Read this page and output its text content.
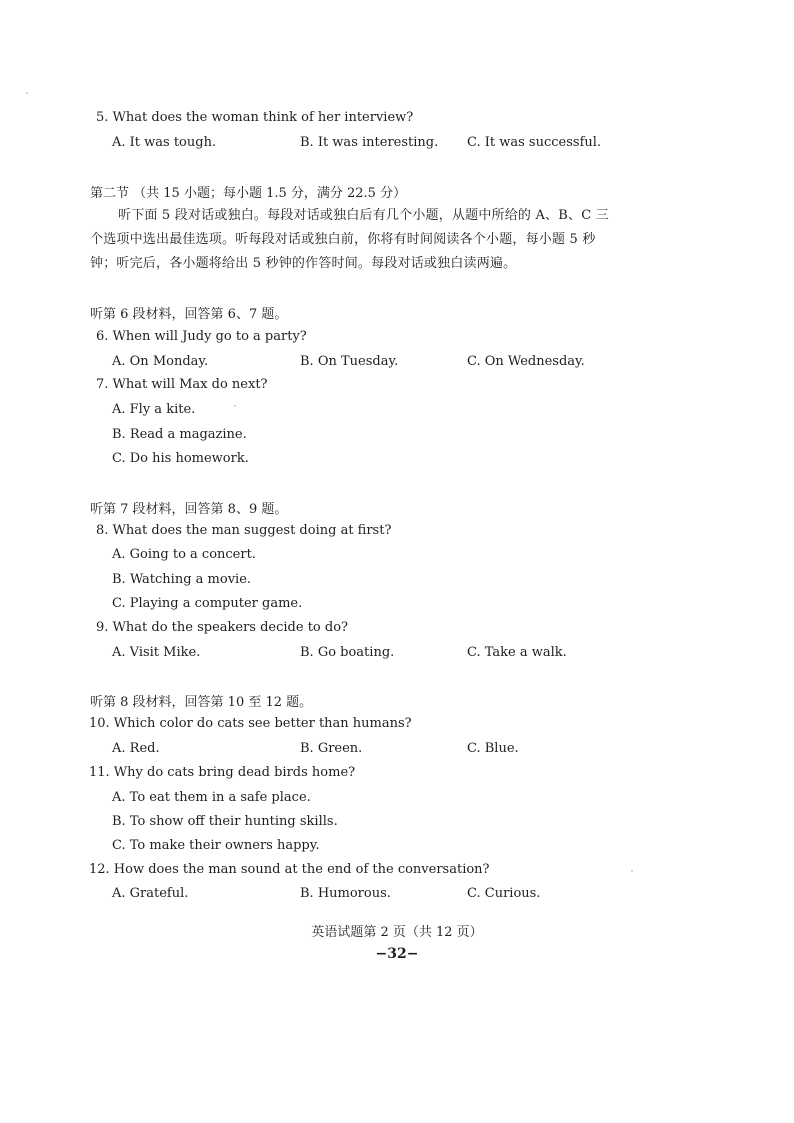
5. What does the woman think of her interview?
A. It was tough.	B. It was interesting. C. It was successful.
第二节 （共 15 小题；每小题 1.5 分，满分 22.5 分）
听下面 5 段对话或独白。每段对话或独白后有几个小题，从题中所给的 A、B、C 三个选项中选出最佳选项。听每段对话或独白前，你将有时间阅读各个小题，每小题 5 秒钟；听完后，各小题将给出 5 秒钟的作答时间。每段对话或独白读两遍。
听第 6 段材料，回答第 6、7 题。
6. When will Judy go to a party?
A. On Monday.	B. On Tuesday.	C. On Wednesday.
7. What will Max do next?
A. Fly a kite.
B. Read a magazine.
C. Do his homework.
听第 7 段材料，回答第 8、9 题。
8. What does the man suggest doing at first?
A. Going to a concert.
B. Watching a movie.
C. Playing a computer game.
9. What do the speakers decide to do?
A. Visit Mike.	B. Go boating.	C. Take a walk.
听第 8 段材料，回答第 10 至 12 题。
10. Which color do cats see better than humans?
A. Red.	B. Green.	C. Blue.
11. Why do cats bring dead birds home?
A. To eat them in a safe place.
B. To show off their hunting skills.
C. To make their owners happy.
12. How does the man sound at the end of the conversation?
A. Grateful.	B. Humorous.	C. Curious.
英语试题第 2 页（共 12 页）
−32−
